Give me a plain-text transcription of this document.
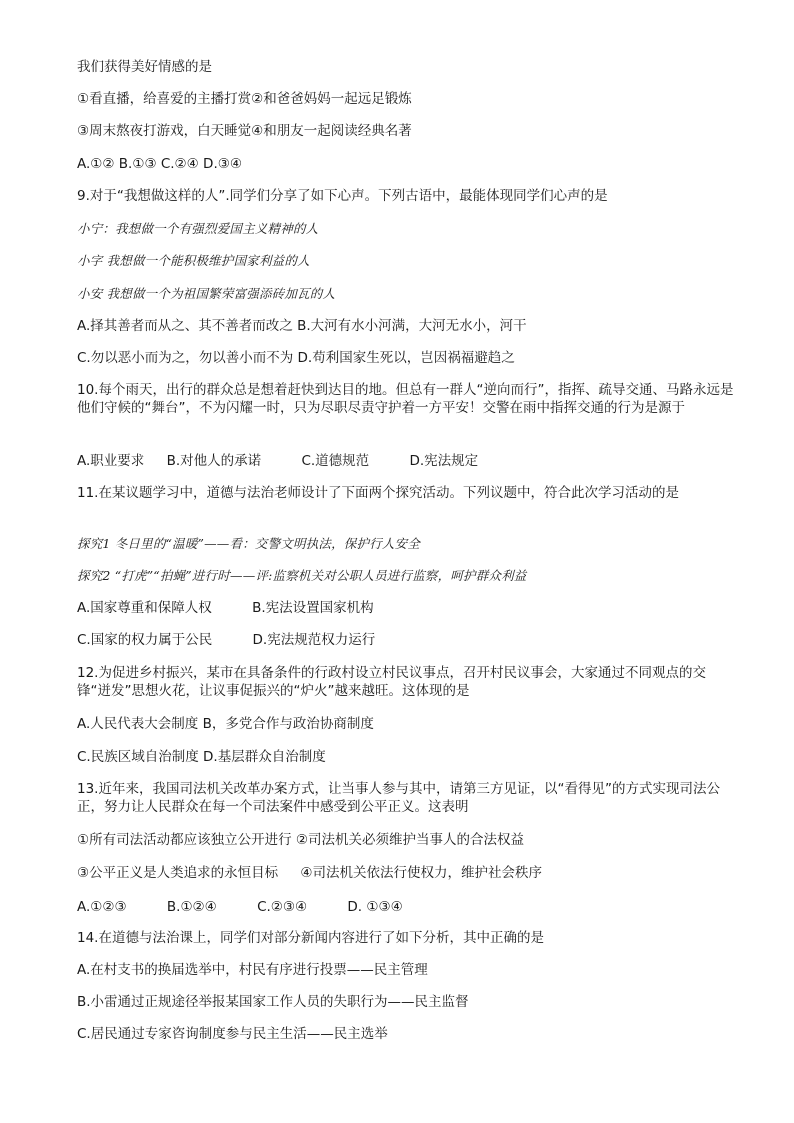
我们获得美好情感的是
①看直播，给喜爱的主播打赏②和爸爸妈妈一起远足锻炼
③周末熬夜打游戏，白天睡觉④和朋友一起阅读经典名著
A.①② B.①③ C.②④ D.③④
9.对于“我想做这样的人”.同学们分享了如下心声。下列古语中，最能体现同学们心声的是
小宁：我想做一个有强烈爱国主义精神的人
小字 我想做一个能积极维护国家利益的人
小安 我想做一个为祖国繁荣富强添砖加瓦的人
A.择其善者而从之、其不善者而改之 B.大河有水小河满，大河无水小，河干
C.勿以恶小而为之，勿以善小而不为 D.苟利国家生死以，岂因祸福避趋之
10.每个雨天，出行的群众总是想着赶快到达目的地。但总有一群人“逆向而行”，指挥、疏导交通、马路永远是他们守候的“舞台”，不为闪耀一时，只为尽职尽责守护着一方平安！交警在雨中指挥交通的行为是源于
A.职业要求 B.对他人的承诺	C.道德规范	D.宪法规定
11.在某议题学习中，道德与法治老师设计了下面两个探究活动。下列议题中，符合此次学习活动的是
探究1 冬日里的“温暖”——看：交警文明执法，保护行人安全
探究2 “打虎”“拍蝇”进行时——评:监察机关对公职人员进行监察，呵护群众利益
A.国家尊重和保障人权	B.宪法设置国家机构
C.国家的权力属于公民	D.宪法规范权力运行
12.为促进乡村振兴，某市在具备条件的行政村设立村民议事点，召开村民议事会，大家通过不同观点的交锋“迸发”思想火花，让议事促振兴的“炉火”越来越旺。这体现的是
A.人民代表大会制度 B，多党合作与政治协商制度
C.民族区域自治制度 D.基层群众自治制度
13.近年来，我国司法机关改革办案方式，让当事人参与其中，请第三方见证，以“看得见”的方式实现司法公正，努力让人民群众在每一个司法案件中感受到公平正义。这表明
①所有司法活动都应该独立公开进行 ②司法机关必须维护当事人的合法权益
③公平正义是人类追求的永恒目标 ④司法机关依法行使权力，维护社会秩序
A.①②③	B.①②④	C.②③④	D. ①③④
14.在道德与法治课上，同学们对部分新闻内容进行了如下分析，其中正确的是
A.在村支书的换届选举中，村民有序进行投票——民主管理
B.小雷通过正规途径举报某国家工作人员的失职行为——民主监督
C.居民通过专家咨询制度参与民主生活——民主选举
